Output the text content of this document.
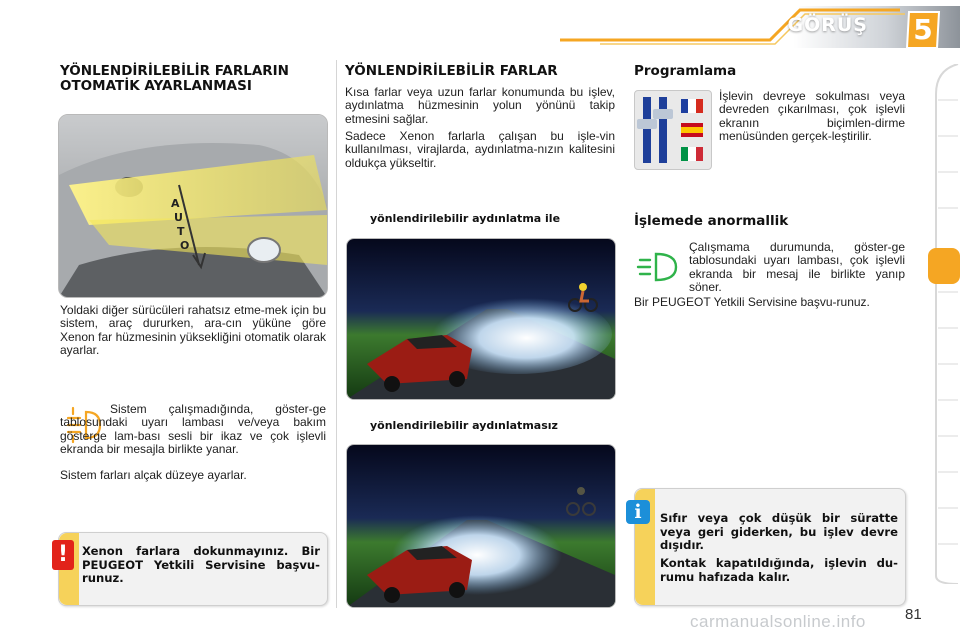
GÖRÜŞ 5
YÖNLENDİRİLEBİLİR FARLARIN OTOMATİK AYARLANMASI
A
U
T
O

Yoldaki diğer sürücüleri rahatsız etme-mek için bu sistem, araç dururken, ara-cın yüküne göre Xenon far hüzmesinin yüksekliğini otomatik olarak ayarlar.

Sistem çalışmadığında, göster-ge tablosundaki uyarı lambası ve/veya bakım gösterge lam-bası sesli bir ikaz ve çok işlevli ekranda bir mesajla birlikte yanar.

Sistem farları alçak düzeye ayarlar.

!	Xenon farlara dokunmayınız. Bir PEUGEOT Yetkili Servisine başvu-runuz.
YÖNLENDİRİLEBİLİR FARLAR

Kısa farlar veya uzun farlar konumunda bu işlev, aydınlatma hüzmesinin yolun yönünü takip etmesini sağlar.

Sadece Xenon farlarla çalışan bu işle-vin kullanılması, virajlarda, aydınlatma-nızın kalitesini oldukça yükseltir.

yönlendirilebilir aydınlatma ile
yönlendirilebilir aydınlatmasız
Programlama

İşlevin devreye sokulması veya devreden çıkarılması, çok işlevli ekranın biçimlen-dirme menüsünden gerçek-leştirilir.

İşlemede anormallik

Çalışmama durumunda, göster-ge tablosundaki uyarı lambası, çok işlevli ekranda bir mesaj ile birlikte yanıp söner.

Bir PEUGEOT Yetkili Servisine başvu-runuz.

i	Sıfır veya çok düşük bir süratte veya geri giderken, bu işlev devre dışıdır.
Kontak kapatıldığında, işlevin du-rumu hafızada kalır.
81
carmanualsonline.info
